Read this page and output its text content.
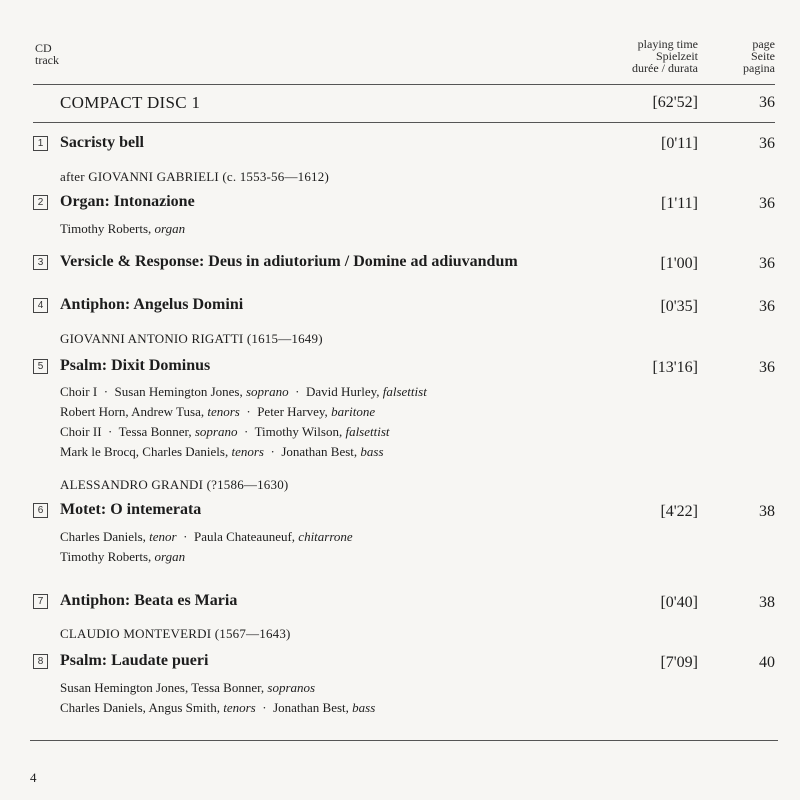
CD
track
playing time
Spielzeit
durée / durata
page
Seite
pagina
COMPACT DISC 1	[62'52]	36
1 Sacristy bell	[0'11]	36
after GIOVANNI GABRIELI (c. 1553-56—1612)
2 Organ: Intonazione	[1'11]	36
Timothy Roberts, organ
3 Versicle & Response: Deus in adiutorium / Domine ad adiuvandum	[1'00]	36
4 Antiphon: Angelus Domini	[0'35]	36
GIOVANNI ANTONIO RIGATTI (1615—1649)
5 Psalm: Dixit Dominus	[13'16]	36
Choir I · Susan Hemington Jones, soprano · David Hurley, falsettist
Robert Horn, Andrew Tusa, tenors · Peter Harvey, baritone
Choir II · Tessa Bonner, soprano · Timothy Wilson, falsettist
Mark le Brocq, Charles Daniels, tenors · Jonathan Best, bass
ALESSANDRO GRANDI (?1586—1630)
6 Motet: O intemerata	[4'22]	38
Charles Daniels, tenor · Paula Chateauneuf, chitarrone
Timothy Roberts, organ
7 Antiphon: Beata es Maria	[0'40]	38
CLAUDIO MONTEVERDI (1567—1643)
8 Psalm: Laudate pueri	[7'09]	40
Susan Hemington Jones, Tessa Bonner, sopranos
Charles Daniels, Angus Smith, tenors · Jonathan Best, bass
4
